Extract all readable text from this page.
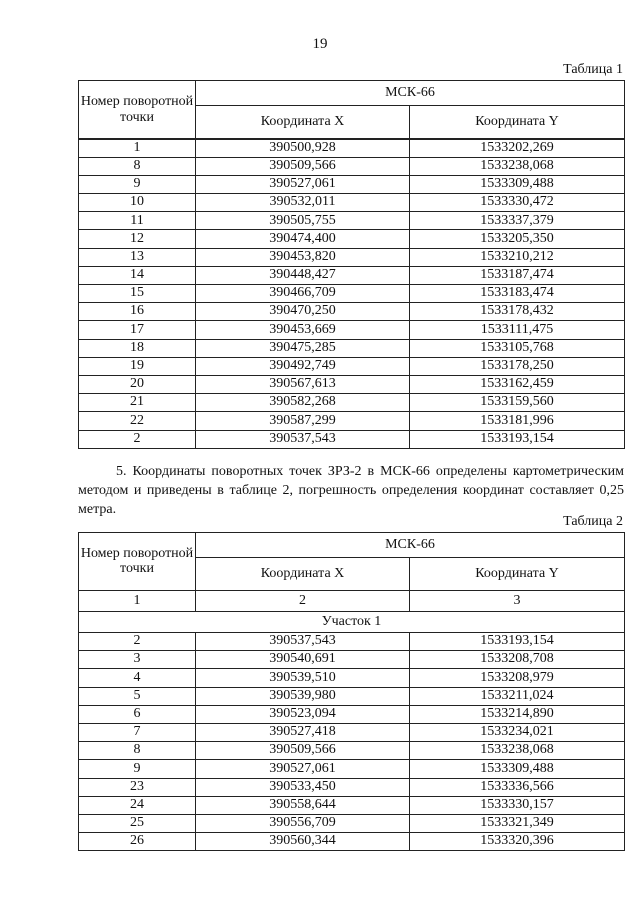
19
Таблица 1
Номер поворотной точки	МСК-66	
	Координата X	Координата Y
1	390500,928	1533202,269
8	390509,566	1533238,068
9	390527,061	1533309,488
10	390532,011	1533330,472
11	390505,755	1533337,379
12	390474,400	1533205,350
13	390453,820	1533210,212
14	390448,427	1533187,474
15	390466,709	1533183,474
16	390470,250	1533178,432
17	390453,669	1533111,475
18	390475,285	1533105,768
19	390492,749	1533178,250
20	390567,613	1533162,459
21	390582,268	1533159,560
22	390587,299	1533181,996
2	390537,543	1533193,154
5. Координаты поворотных точек ЗРЗ-2 в МСК-66 определены картометрическим методом и приведены в таблице 2, погрешность определения координат составляет 0,25 метра.
Таблица 2
Номер поворотной точки	МСК-66	
	Координата X	Координата Y
1	2	3
Участок 1		
2	390537,543	1533193,154
3	390540,691	1533208,708
4	390539,510	1533208,979
5	390539,980	1533211,024
6	390523,094	1533214,890
7	390527,418	1533234,021
8	390509,566	1533238,068
9	390527,061	1533309,488
23	390533,450	1533336,566
24	390558,644	1533330,157
25	390556,709	1533321,349
26	390560,344	1533320,396
